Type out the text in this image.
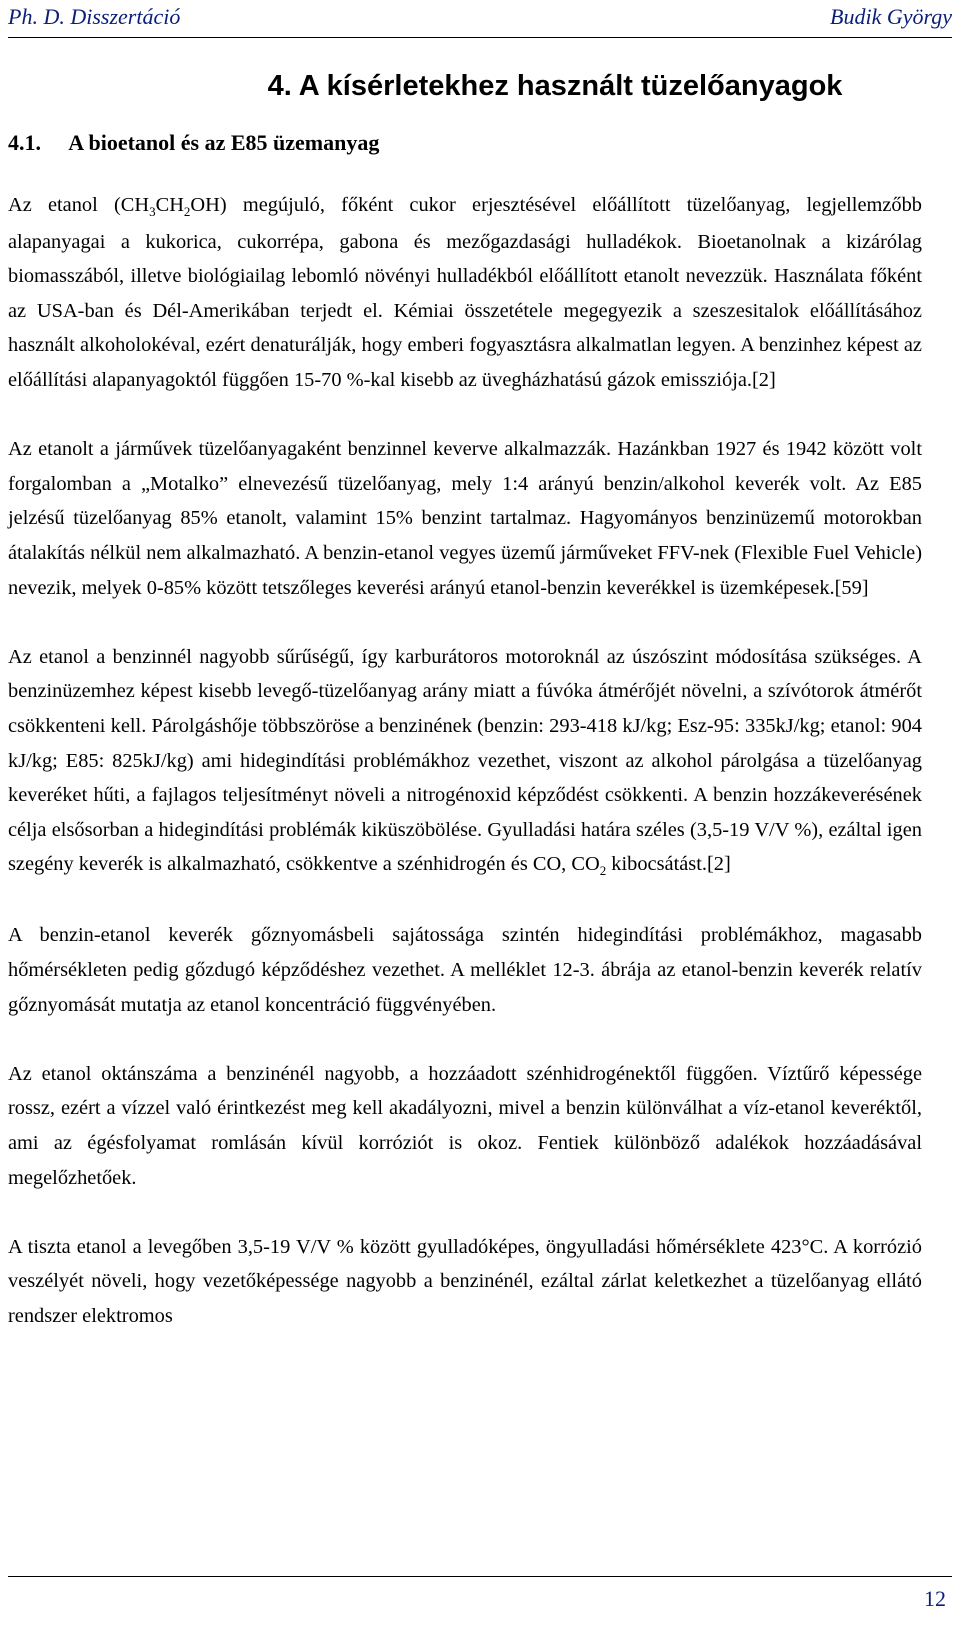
Ph. D. Disszertáció	Budik György
4. A kísérletekhez használt tüzelőanyagok
4.1. A bioetanol és az E85 üzemanyag

Az etanol $(CH_3CH_2OH)$ megújuló, főként cukor erjesztésével előállított tüzelőanyag, legjellemzőbb alapanyagai a kukorica, cukorrépa, gabona és mezőgazdasági hulladékok. Bioetanolnak a kizárólag biomasszából, illetve biológiailag lebomló növényi hulladékból előállított etanolt nevezzük. Használata főként az USA-ban és Dél-Amerikában terjedt el. Kémiai összetétele megegyezik a szeszesitalok előállításához használt alkoholokéval, ezért denaturálják, hogy emberi fogyasztásra alkalmatlan legyen. A benzinhez képest az előállítási alapanyagoktól függően 15-70 %-kal kisebb az üvegházhatású gázok emissziója.[2]

Az etanolt a járművek tüzelőanyagaként benzinnel keverve alkalmazzák. Hazánkban 1927 és 1942 között volt forgalomban a „Motalko” elnevezésű tüzelőanyag, mely 1:4 arányú benzin/alkohol keverék volt. Az E85 jelzésű tüzelőanyag 85% etanolt, valamint 15% benzint tartalmaz. Hagyományos benzinüzemű motorokban átalakítás nélkül nem alkalmazható. A benzin-etanol vegyes üzemű járműveket FFV-nek (Flexible Fuel Vehicle) nevezik, melyek 0-85% között tetszőleges keverési arányú etanol-benzin keverékkel is üzemképesek.[59]

Az etanol a benzinnél nagyobb sűrűségű, így karburátoros motoroknál az úszószint módosítása szükséges. A benzinüzemhez képest kisebb levegő-tüzelőanyag arány miatt a fúvóka átmérőjét növelni, a szívótorok átmérőt csökkenteni kell. Párolgáshője többszöröse a benzinének (benzin: 293-418 kJ/kg; Esz-95: 335kJ/kg; etanol: 904 kJ/kg; E85: 825kJ/kg) ami hidegindítási problémákhoz vezethet, viszont az alkohol párolgása a tüzelőanyag keveréket hűti, a fajlagos teljesítményt növeli a nitrogénoxid képződést csökkenti. A benzin hozzákeverésének célja elsősorban a hidegindítási problémák kiküszöbölése. Gyulladási határa széles (3,5-19 V/V %), ezáltal igen szegény keverék is alkalmazható, csökkentve a szénhidrogén és CO, $CO_2$ kibocsátást.[2]

A benzin-etanol keverék gőznyomásbeli sajátossága szintén hidegindítási problémákhoz, magasabb hőmérsékleten pedig gőzdugó képződéshez vezethet. A melléklet 12-3. ábrája az etanol-benzin keverék relatív gőznyomását mutatja az etanol koncentráció függvényében.

Az etanol oktánszáma a benzinénél nagyobb, a hozzáadott szénhidrogénektől függően. Víztűrő képessége rossz, ezért a vízzel való érintkezést meg kell akadályozni, mivel a benzin különválhat a víz-etanol keveréktől, ami az égésfolyamat romlásán kívül korróziót is okoz. Fentiek különböző adalékok hozzáadásával megelőzhetőek.

A tiszta etanol a levegőben 3,5-19 V/V % között gyulladóképes, öngyulladási hőmérséklete 423°C. A korrózió veszélyét növeli, hogy vezetőképessége nagyobb a benzinénél, ezáltal zárlat keletkezhet a tüzelőanyag ellátó rendszer elektromos

12
